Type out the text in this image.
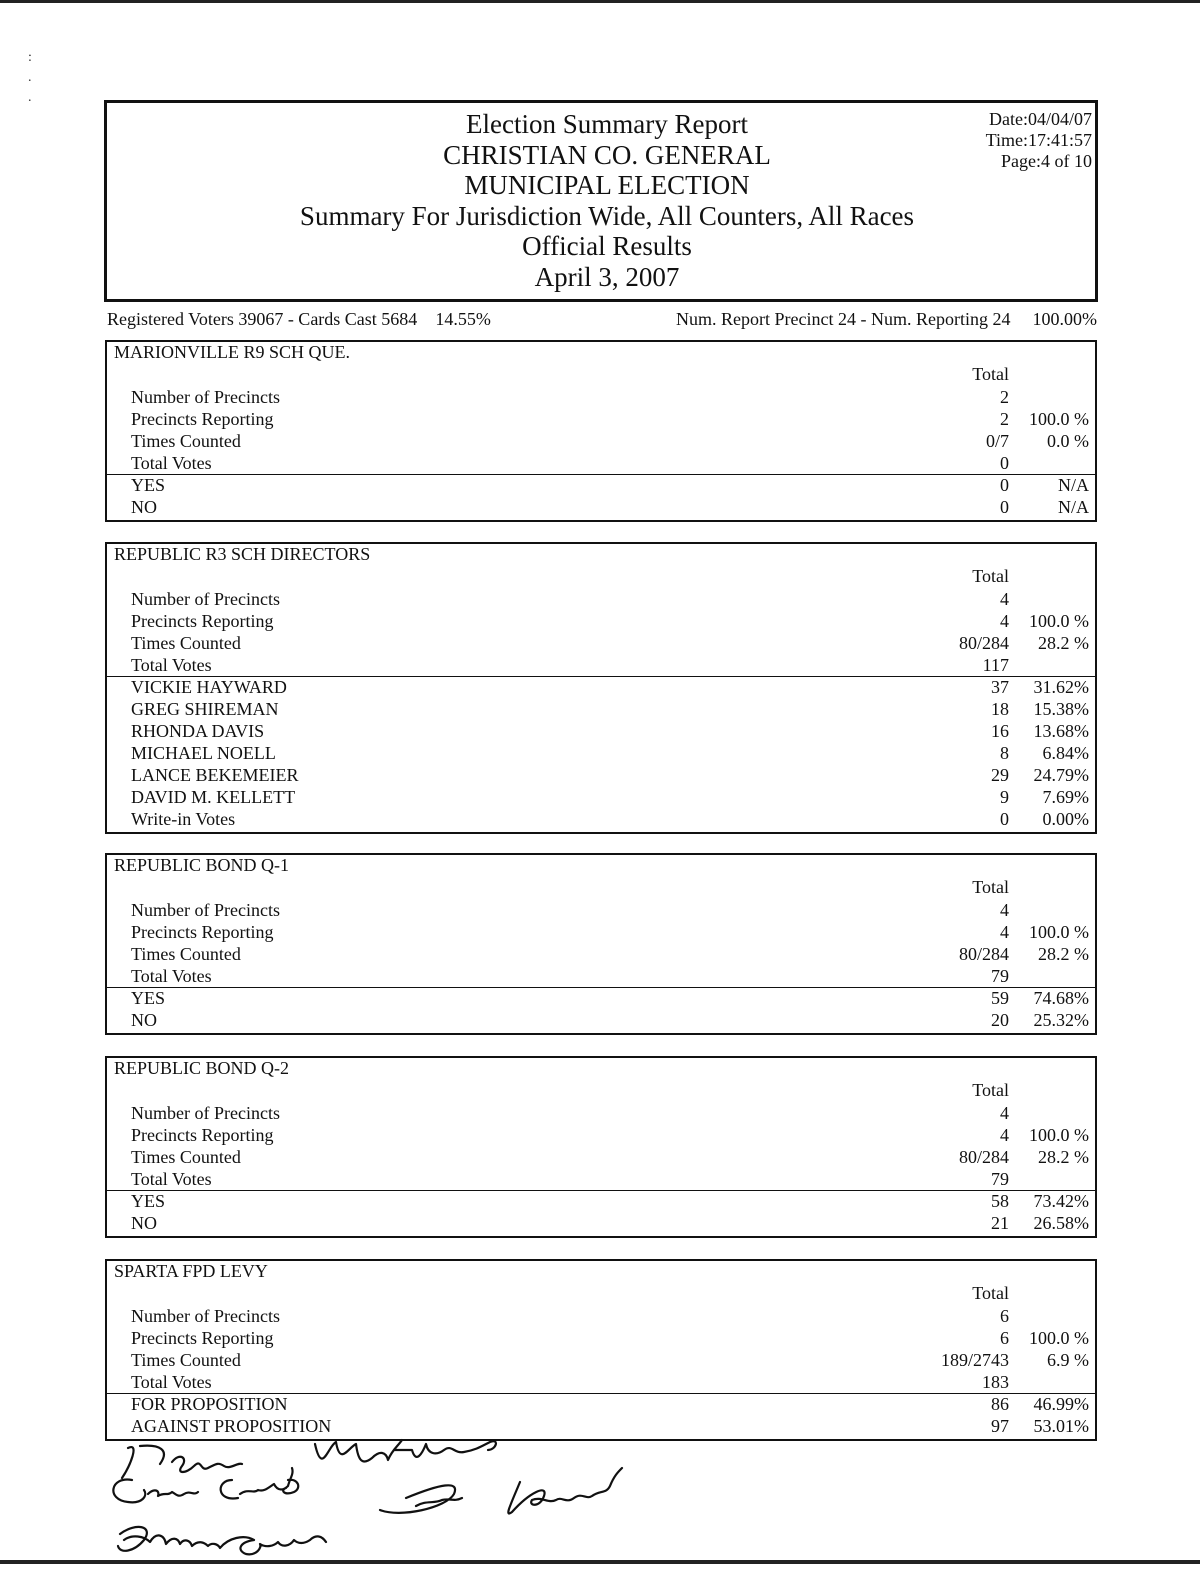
:
.
.
Election Summary Report
CHRISTIAN CO. GENERAL
MUNICIPAL ELECTION
Summary For Jurisdiction Wide, All Counters, All Races
Official Results
April 3, 2007
Date:04/04/07
Time:17:41:57
Page:4 of 10
Registered Voters 39067 - Cards Cast 5684 14.55%	Num. Report Precinct 24 - Num. Reporting 24 100.00%
MARIONVILLE R9 SCH QUE.
Total
Number of Precincts	2
Precincts Reporting	2 100.0 %
Times Counted	0/7 0.0 %
Total Votes	0
YES	0	N/A
NO	0	N/A
REPUBLIC R3 SCH DIRECTORS
Total
Number of Precincts	4
Precincts Reporting	4 100.0 %
Times Counted	80/284 28.2 %
Total Votes	117
VICKIE HAYWARD	37 31.62%
GREG SHIREMAN	18 15.38%
RHONDA DAVIS	16 13.68%
MICHAEL NOELL	8 6.84%
LANCE BEKEMEIER	29 24.79%
DAVID M. KELLETT	9 7.69%
Write-in Votes	0 0.00%
REPUBLIC BOND Q-1
Total
Number of Precincts	4
Precincts Reporting	4 100.0 %
Times Counted	80/284 28.2 %
Total Votes	79
YES	59 74.68%
NO	20 25.32%
REPUBLIC BOND Q-2
Total
Number of Precincts	4
Precincts Reporting	4 100.0 %
Times Counted	80/284 28.2 %
Total Votes	79
YES	58 73.42%
NO	21 26.58%
SPARTA FPD LEVY
Total
Number of Precincts	6
Precincts Reporting	6 100.0 %
Times Counted	189/2743 6.9 %
Total Votes	183
FOR PROPOSITION	86 46.99%
AGAINST PROPOSITION	97 53.01%
